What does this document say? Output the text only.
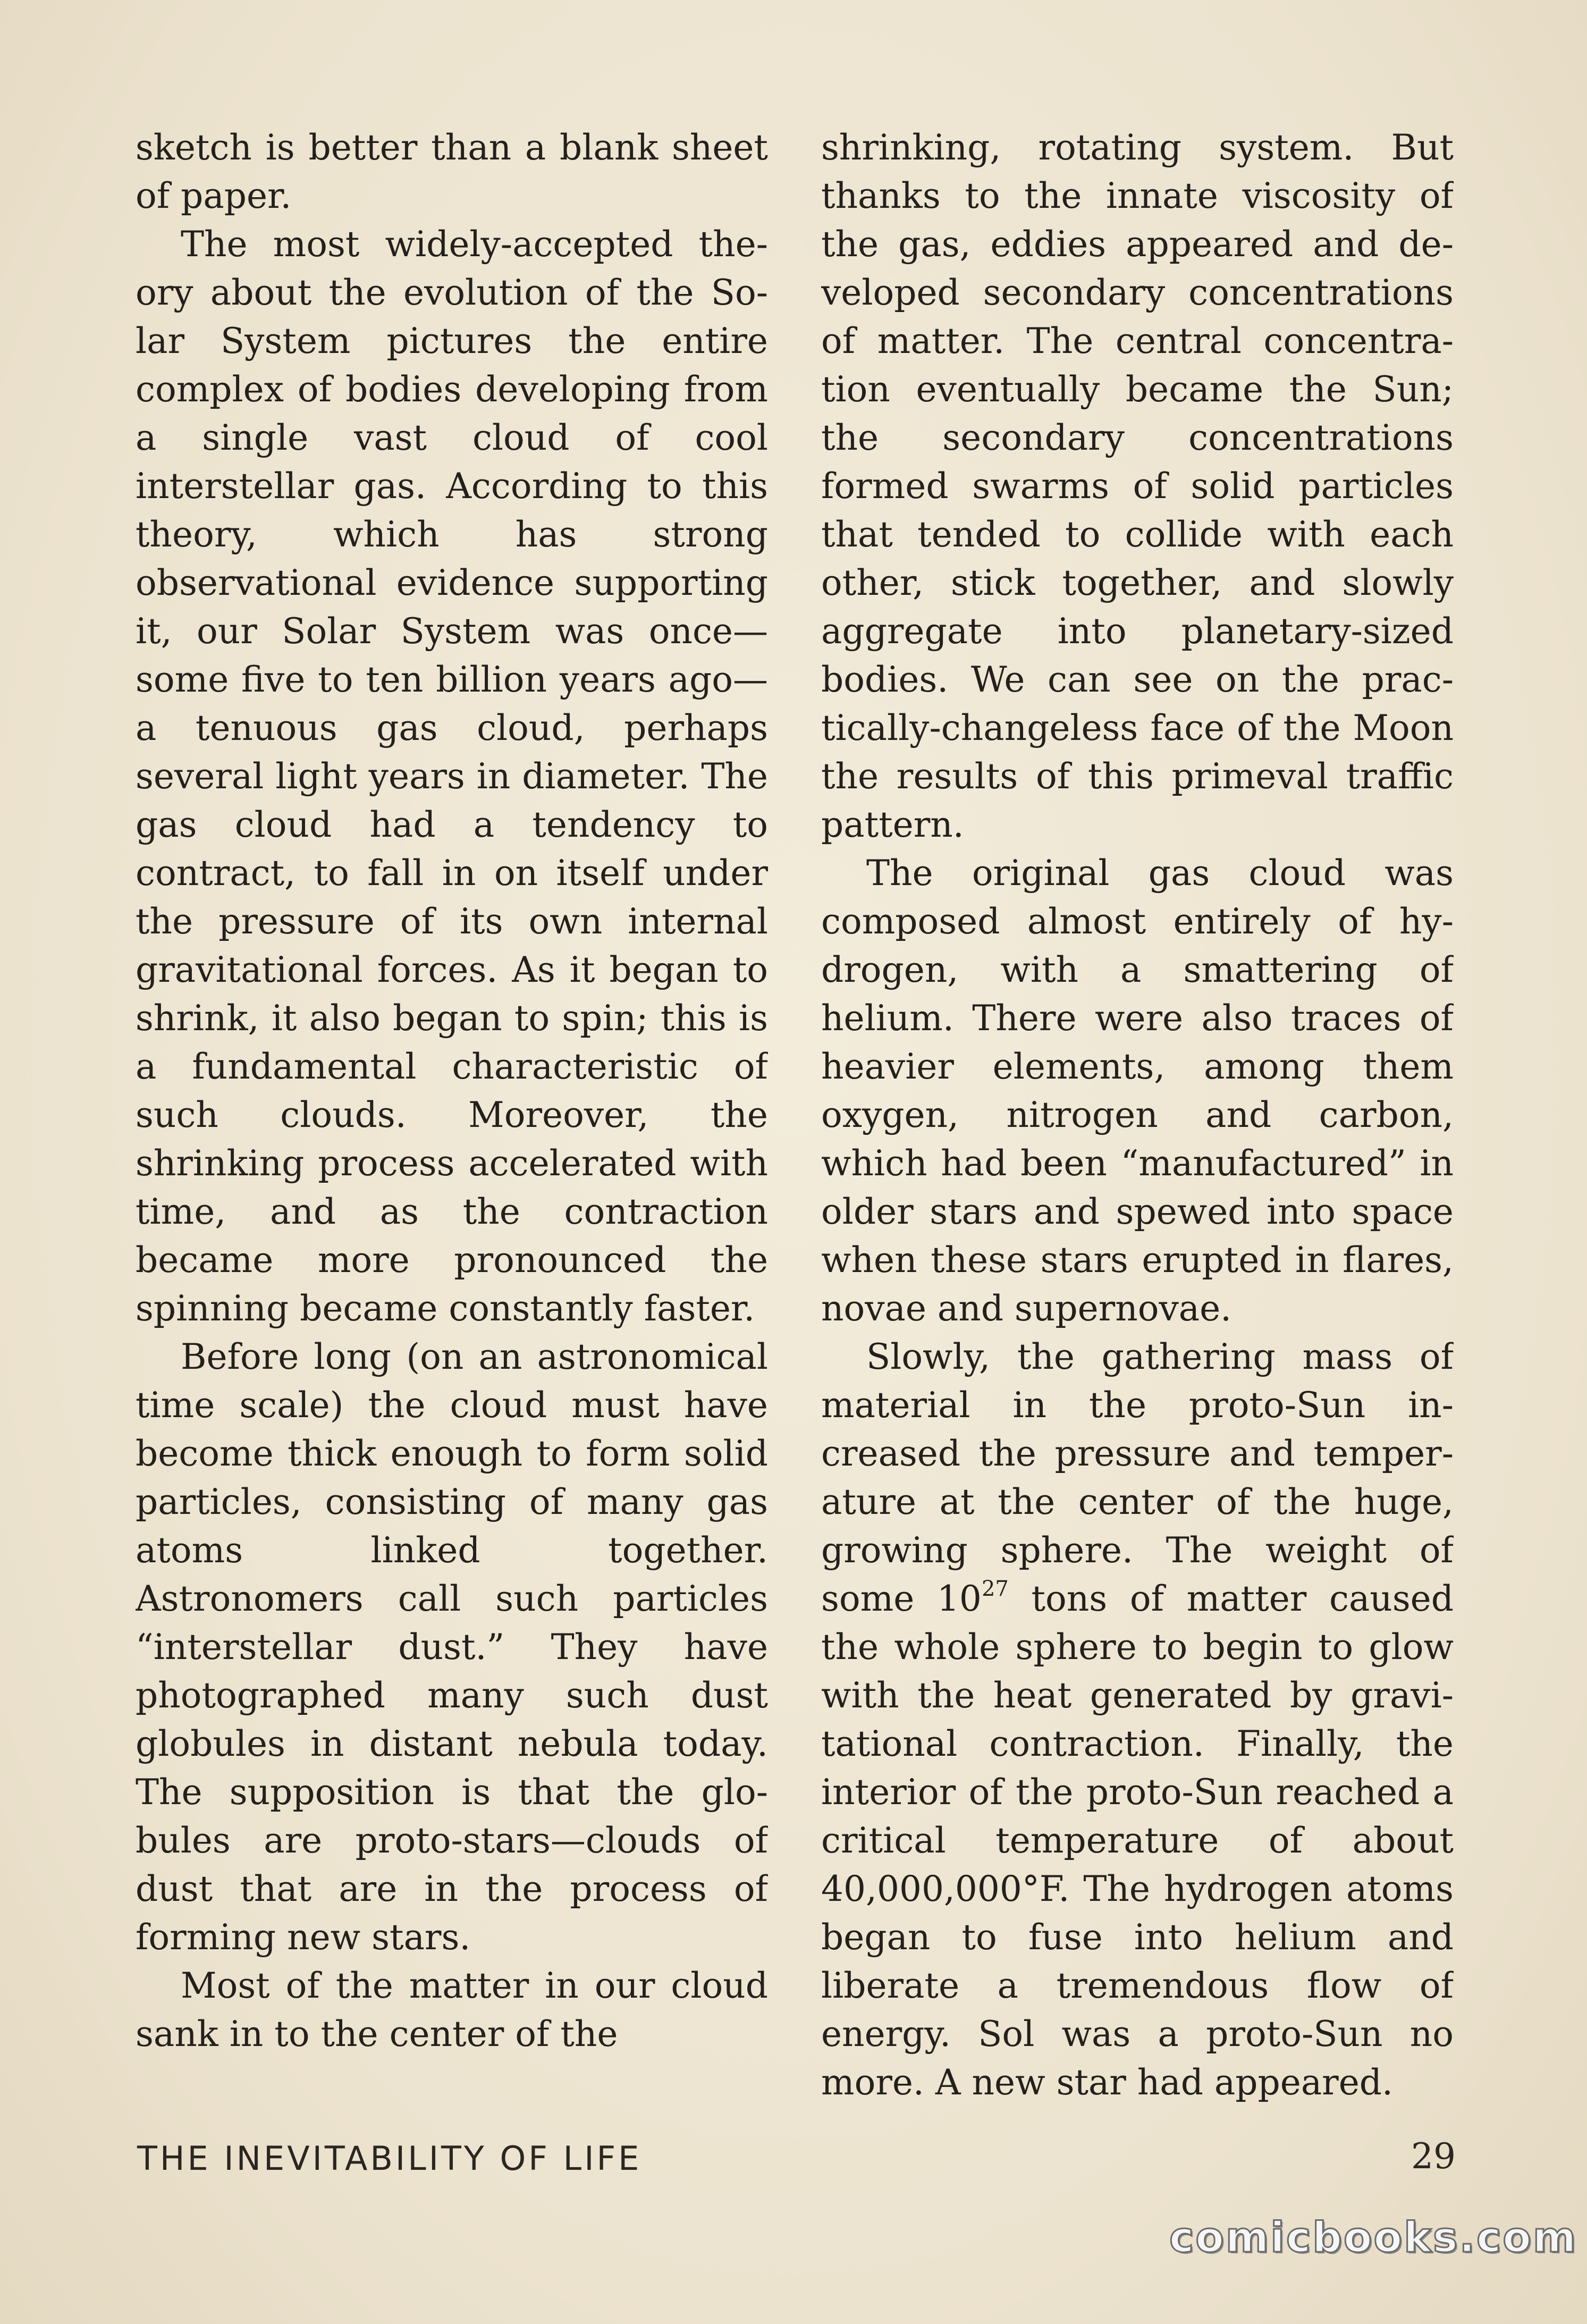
sketch is better than a blank sheet of paper.

The most widely-accepted theory about the evolution of the Solar System pictures the entire complex of bodies developing from a single vast cloud of cool interstellar gas. According to this theory, which has strong observational evidence supporting it, our Solar System was once—some five to ten billion years ago—a tenuous gas cloud, perhaps several light years in diameter. The gas cloud had a tendency to contract, to fall in on itself under the pressure of its own internal gravitational forces. As it began to shrink, it also began to spin; this is a fundamental characteristic of such clouds. Moreover, the shrinking process accelerated with time, and as the contraction became more pronounced the spinning became constantly faster.

Before long (on an astronomical time scale) the cloud must have become thick enough to form solid particles, consisting of many gas atoms linked together. Astronomers call such particles “interstellar dust.” They have photographed many such dust globules in distant nebula today. The supposition is that the globules are proto-stars—clouds of dust that are in the process of forming new stars.

Most of the matter in our cloud sank in to the center of the

shrinking, rotating system. But thanks to the innate viscosity of the gas, eddies appeared and developed secondary concentrations of matter. The central concentration eventually became the Sun; the secondary concentrations formed swarms of solid particles that tended to collide with each other, stick together, and slowly aggregate into planetary-sized bodies. We can see on the practically-changeless face of the Moon the results of this primeval traffic pattern.

The original gas cloud was composed almost entirely of hydrogen, with a smattering of helium. There were also traces of heavier elements, among them oxygen, nitrogen and carbon, which had been “manufactured” in older stars and spewed into space when these stars erupted in flares, novae and supernovae.

Slowly, the gathering mass of material in the proto-Sun increased the pressure and temperature at the center of the huge, growing sphere. The weight of some $10^{27}$ tons of matter caused the whole sphere to begin to glow with the heat generated by gravitational contraction. Finally, the interior of the proto-Sun reached a critical temperature of about 40,000,000°F. The hydrogen atoms began to fuse into helium and liberate a tremendous flow of energy. Sol was a proto-Sun no more. A new star had appeared.

THE INEVITABILITY OF LIFE	29
comicbooks.com
